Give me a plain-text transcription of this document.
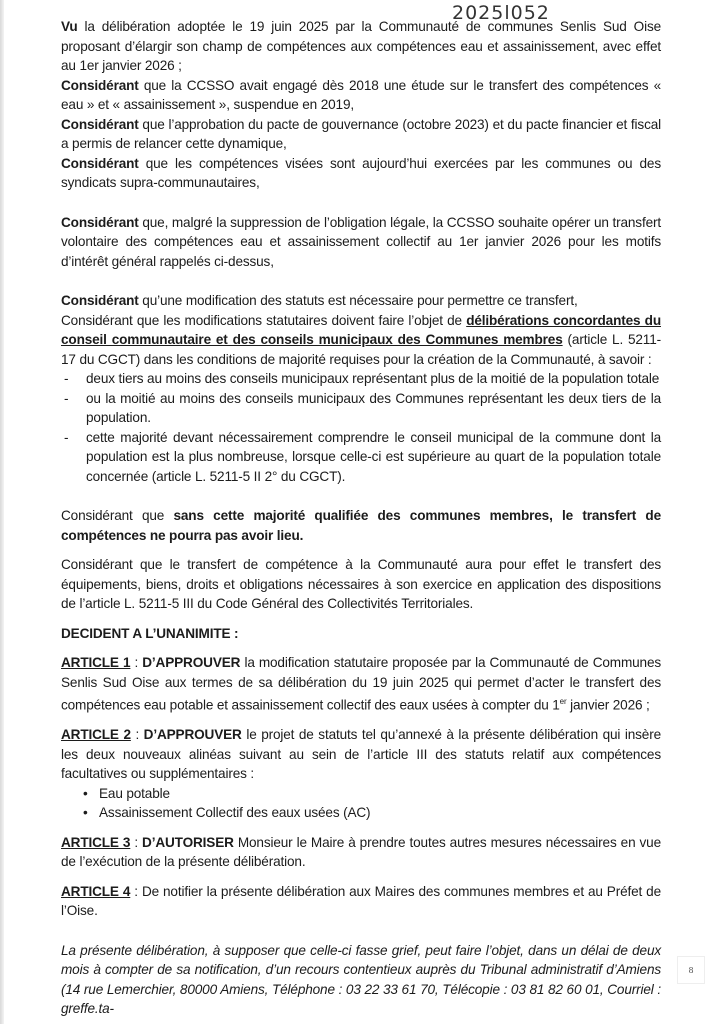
2025l052

Vu la délibération adoptée le 19 juin 2025 par la Communauté de communes Senlis Sud Oise proposant d’élargir son champ de compétences aux compétences eau et assainissement, avec effet au 1er janvier 2026 ;

Considérant que la CCSSO avait engagé dès 2018 une étude sur le transfert des compétences « eau » et « assainissement », suspendue en 2019,

Considérant que l’approbation du pacte de gouvernance (octobre 2023) et du pacte financier et fiscal a permis de relancer cette dynamique,

Considérant que les compétences visées sont aujourd’hui exercées par les communes ou des syndicats supra-communautaires,

Considérant que, malgré la suppression de l’obligation légale, la CCSSO souhaite opérer un transfert volontaire des compétences eau et assainissement collectif au 1er janvier 2026 pour les motifs d’intérêt général rappelés ci-dessus,

Considérant qu’une modification des statuts est nécessaire pour permettre ce transfert,

Considérant que les modifications statutaires doivent faire l’objet de délibérations concordantes du conseil communautaire et des conseils municipaux des Communes membres (article L. 5211-17 du CGCT) dans les conditions de majorité requises pour la création de la Communauté, à savoir :

- deux tiers au moins des conseils municipaux représentant plus de la moitié de la population totale
- ou la moitié au moins des conseils municipaux des Communes représentant les deux tiers de la population.
- cette majorité devant nécessairement comprendre le conseil municipal de la commune dont la population est la plus nombreuse, lorsque celle-ci est supérieure au quart de la population totale concernée (article L. 5211-5 II 2° du CGCT).

Considérant que sans cette majorité qualifiée des communes membres, le transfert de compétences ne pourra pas avoir lieu.

Considérant que le transfert de compétence à la Communauté aura pour effet le transfert des équipements, biens, droits et obligations nécessaires à son exercice en application des dispositions de l’article L. 5211-5 III du Code Général des Collectivités Territoriales.

DECIDENT A L’UNANIMITE :

ARTICLE 1 : D’APPROUVER la modification statutaire proposée par la Communauté de Communes Senlis Sud Oise aux termes de sa délibération du 19 juin 2025 qui permet d’acter le transfert des compétences eau potable et assainissement collectif des eaux usées à compter du 1er janvier 2026 ;

ARTICLE 2 : D’APPROUVER le projet de statuts tel qu’annexé à la présente délibération qui insère les deux nouveaux alinéas suivant au sein de l’article III des statuts relatif aux compétences facultatives ou supplémentaires :

• Eau potable
• Assainissement Collectif des eaux usées (AC)

ARTICLE 3 : D’AUTORISER Monsieur le Maire à prendre toutes autres mesures nécessaires en vue de l’exécution de la présente délibération.

ARTICLE 4 : De notifier la présente délibération aux Maires des communes membres et au Préfet de l’Oise.

La présente délibération, à supposer que celle-ci fasse grief, peut faire l’objet, dans un délai de deux mois à compter de sa notification, d’un recours contentieux auprès du Tribunal administratif d’Amiens (14 rue Lemerchier, 80000 Amiens, Téléphone : 03 22 33 61 70, Télécopie : 03 81 82 60 01, Courriel : greffe.ta-

8
